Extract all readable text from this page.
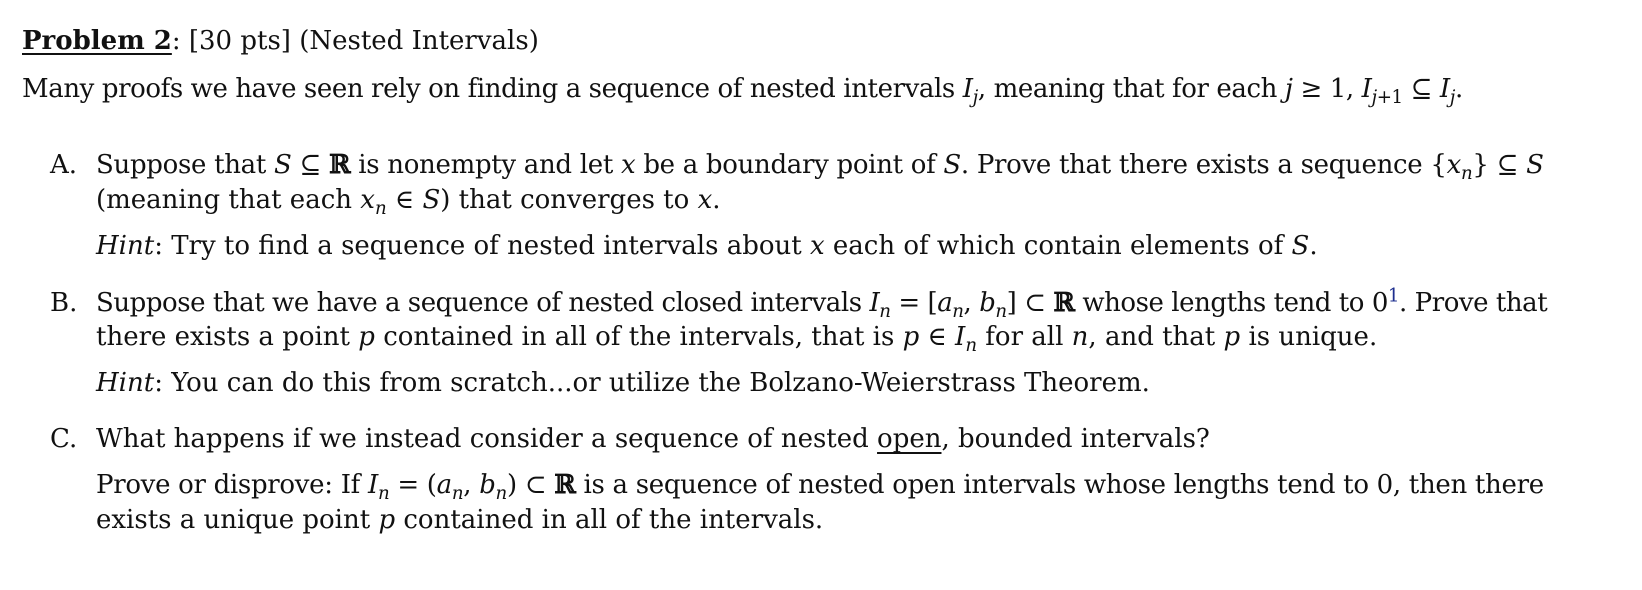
Problem 2: [30 pts] (Nested Intervals)
Many proofs we have seen rely on finding a sequence of nested intervals $I_j$, meaning that for each j ≥ 1, $I_{j+1}$ ⊆ $I_j$.
A. Suppose that S ⊆ ℝ is nonempty and let x be a boundary point of S. Prove that there exists a sequence $\{x_n\}$ ⊆ S
(meaning that each $x_n$ ∈ S) that converges to x.
Hint: Try to find a sequence of nested intervals about x each of which contain elements of S.
B. Suppose that we have a sequence of nested closed intervals $I_n = [a_n$, $b_n$] ⊂ ℝ whose lengths tend to 0$^1$. Prove that
there exists a point p contained in all of the intervals, that is p ∈ $I_n$ for all n, and that p is unique.
Hint: You can do this from scratch...or utilize the Bolzano-Weierstrass Theorem.
C. What happens if we instead consider a sequence of nested open, bounded intervals?
Prove or disprove: If $I_n = (a_n$, $b_n$) ⊂ ℝ is a sequence of nested open intervals whose lengths tend to 0, then there
exists a unique point p contained in all of the intervals.
